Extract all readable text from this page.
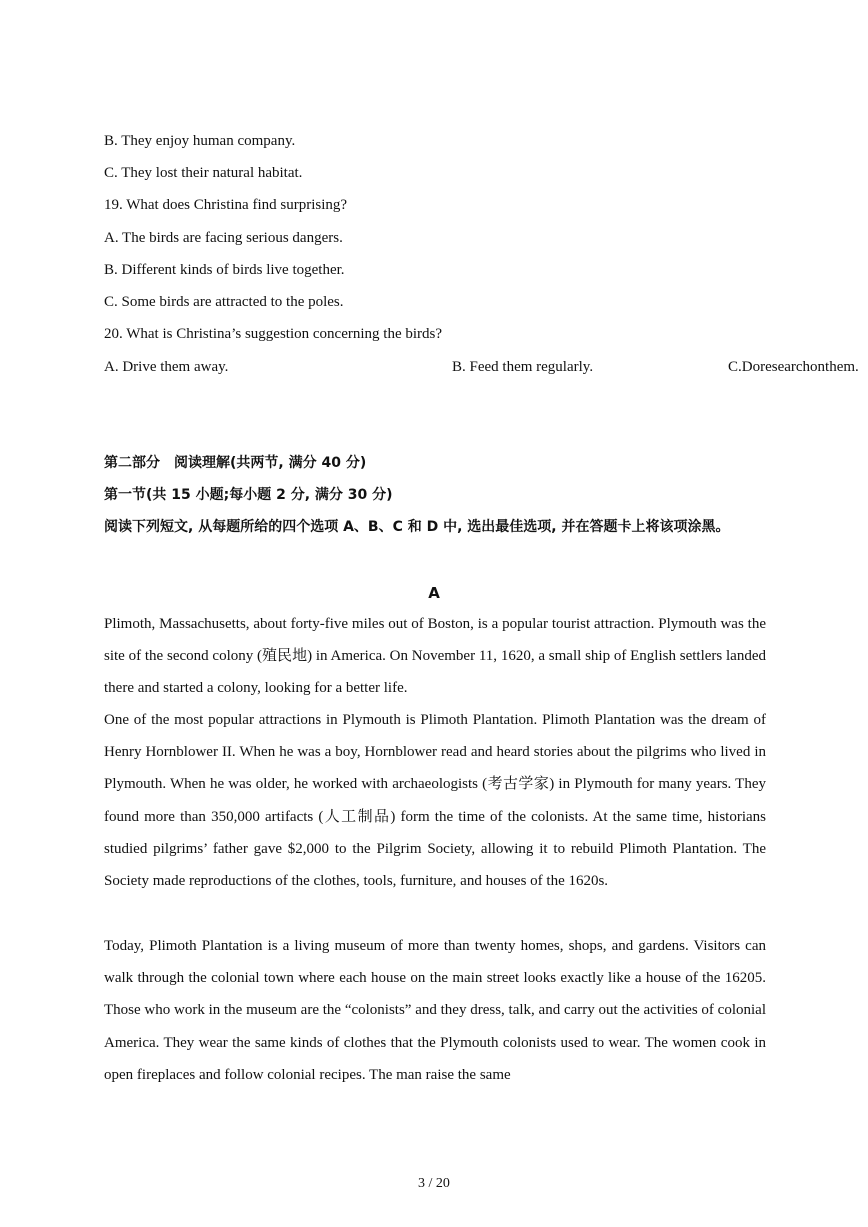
B. They enjoy human company.
C. They lost their natural habitat.
19. What does Christina find surprising?
A. The birds are facing serious dangers.
B. Different kinds of birds live together.
C. Some birds are attracted to the poles.
20. What is Christina’s suggestion concerning the birds?
A. Drive them away.	B. Feed them regularly.	C.Doresearchonthem.
第二部分　阅读理解(共两节, 满分 40 分)
第一节(共 15 小题;每小题 2 分, 满分 30 分)

阅读下列短文, 从每题所给的四个选项 A、B、C 和 D 中, 选出最佳选项, 并在答题卡上将该项涂黑。

A

Plimoth, Massachusetts, about forty-five miles out of Boston, is a popular tourist attraction. Plymouth was the site of the second colony (殖民地) in America. On November 11, 1620, a small ship of English settlers landed there and started a colony, looking for a better life.

One of the most popular attractions in Plymouth is Plimoth Plantation. Plimoth Plantation was the dream of Henry Hornblower II. When he was a boy, Hornblower read and heard stories about the pilgrims who lived in Plymouth. When he was older, he worked with archaeologists (考古学家) in Plymouth for many years. They found more than 350,000 artifacts (人工制品) form the time of the colonists. At the same time, historians studied pilgrims’ father gave $2,000 to the Pilgrim Society, allowing it to rebuild Plimoth Plantation. The Society made reproductions of the clothes, tools, furniture, and houses of the 1620s.

Today, Plimoth Plantation is a living museum of more than twenty homes, shops, and gardens. Visitors can walk through the colonial town where each house on the main street looks exactly like a house of the 16205. Those who work in the museum are the “colonists” and they dress, talk, and carry out the activities of colonial America. They wear the same kinds of clothes that the Plymouth colonists used to wear. The women cook in open fireplaces and follow colonial recipes. The man raise the same

3 / 20
